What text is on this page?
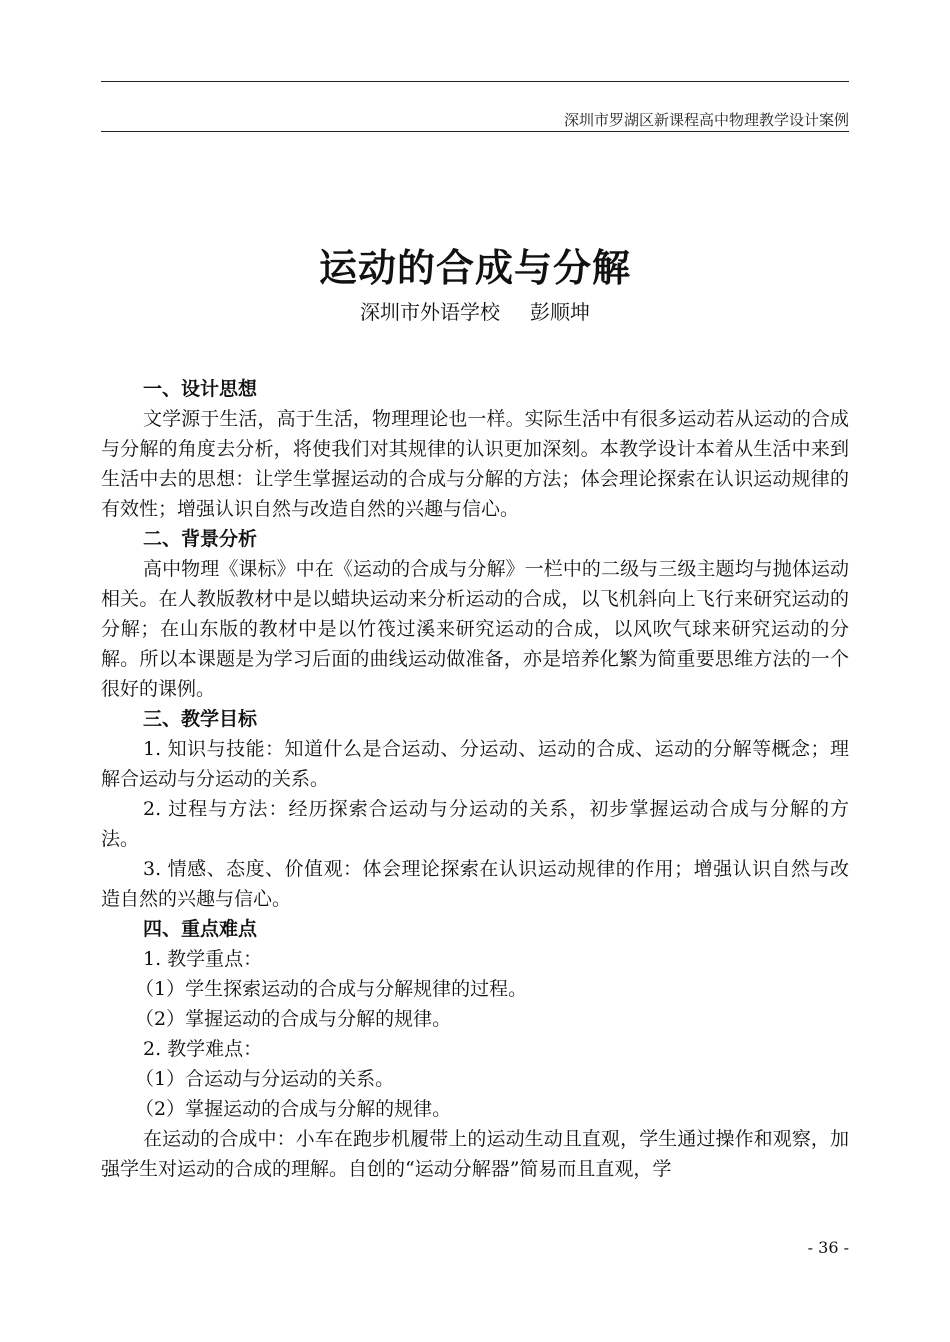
深圳市罗湖区新课程高中物理教学设计案例
运动的合成与分解
深圳市外语学校 彭顺坤

一、设计思想

文学源于生活，高于生活，物理理论也一样。实际生活中有很多运动若从运动的合成与分解的角度去分析，将使我们对其规律的认识更加深刻。本教学设计本着从生活中来到生活中去的思想：让学生掌握运动的合成与分解的方法；体会理论探索在认识运动规律的有效性；增强认识自然与改造自然的兴趣与信心。

二、背景分析

高中物理《课标》中在《运动的合成与分解》一栏中的二级与三级主题均与抛体运动相关。在人教版教材中是以蜡块运动来分析运动的合成，以飞机斜向上飞行来研究运动的分解；在山东版的教材中是以竹筏过溪来研究运动的合成，以风吹气球来研究运动的分解。所以本课题是为学习后面的曲线运动做准备，亦是培养化繁为简重要思维方法的一个很好的课例。

三、教学目标

1. 知识与技能：知道什么是合运动、分运动、运动的合成、运动的分解等概念；理解合运动与分运动的关系。

2. 过程与方法：经历探索合运动与分运动的关系，初步掌握运动合成与分解的方法。

3. 情感、态度、价值观：体会理论探索在认识运动规律的作用；增强认识自然与改造自然的兴趣与信心。

四、重点难点

1. 教学重点：

（1）学生探索运动的合成与分解规律的过程。

（2）掌握运动的合成与分解的规律。

2. 教学难点：

（1）合运动与分运动的关系。

（2）掌握运动的合成与分解的规律。

在运动的合成中：小车在跑步机履带上的运动生动且直观，学生通过操作和观察，加强学生对运动的合成的理解。自创的“运动分解器”简易而且直观，学

- 36 -
